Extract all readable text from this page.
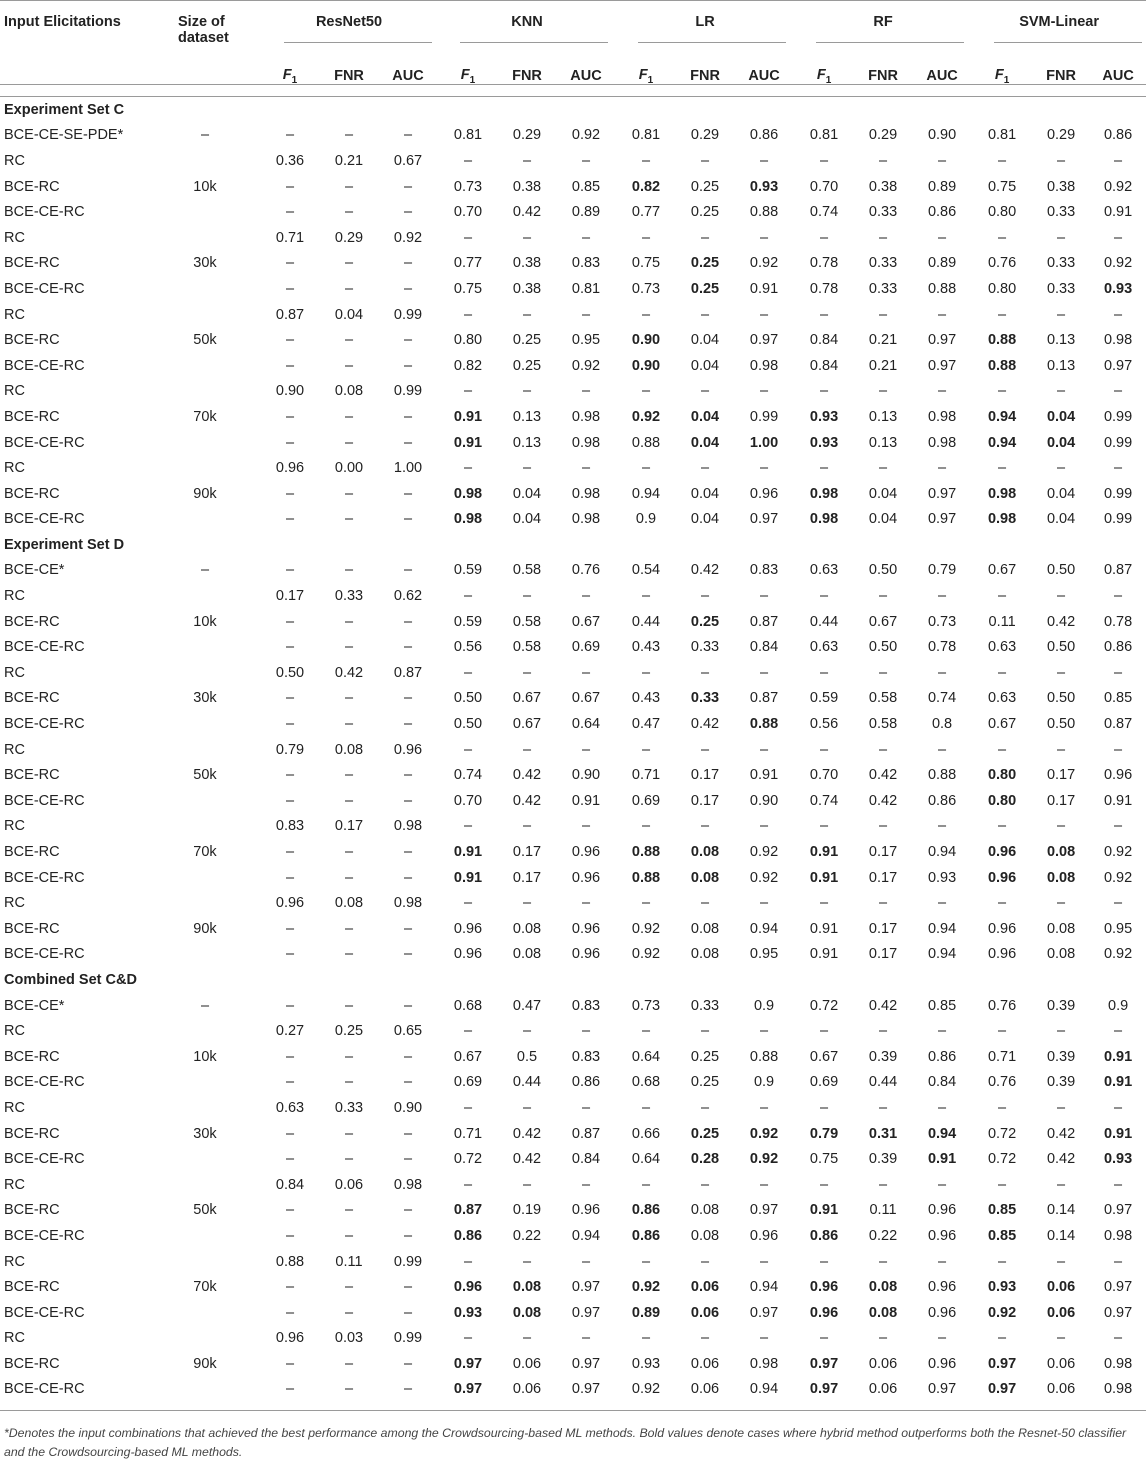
Input Elicitations	Size of dataset	ResNet50			KNN			LR			RF			SVM-Linear		
		$F_1$	FNR	AUC	$F_1$	FNR	AUC	$F_1$	FNR	AUC	$F_1$	FNR	AUC	$F_1$	FNR	AUC
Experiment Set C																
BCE-CE-SE-PDE*	–	–	–	–	0.81	0.29	0.92	0.81	0.29	0.86	0.81	0.29	0.90	0.81	0.29	0.86
RC		0.36	0.21	0.67	–	–	–	–	–	–	–	–	–	–	–	–
BCE-RC	10k	–	–	–	0.73	0.38	0.85	0.82	0.25	0.93	0.70	0.38	0.89	0.75	0.38	0.92
BCE-CE-RC		–	–	–	0.70	0.42	0.89	0.77	0.25	0.88	0.74	0.33	0.86	0.80	0.33	0.91
RC		0.71	0.29	0.92	–	–	–	–	–	–	–	–	–	–	–	–
BCE-RC	30k	–	–	–	0.77	0.38	0.83	0.75	0.25	0.92	0.78	0.33	0.89	0.76	0.33	0.92
BCE-CE-RC		–	–	–	0.75	0.38	0.81	0.73	0.25	0.91	0.78	0.33	0.88	0.80	0.33	0.93
RC		0.87	0.04	0.99	–	–	–	–	–	–	–	–	–	–	–	–
BCE-RC	50k	–	–	–	0.80	0.25	0.95	0.90	0.04	0.97	0.84	0.21	0.97	0.88	0.13	0.98
BCE-CE-RC		–	–	–	0.82	0.25	0.92	0.90	0.04	0.98	0.84	0.21	0.97	0.88	0.13	0.97
RC		0.90	0.08	0.99	–	–	–	–	–	–	–	–	–	–	–	–
BCE-RC	70k	–	–	–	0.91	0.13	0.98	0.92	0.04	0.99	0.93	0.13	0.98	0.94	0.04	0.99
BCE-CE-RC		–	–	–	0.91	0.13	0.98	0.88	0.04	1.00	0.93	0.13	0.98	0.94	0.04	0.99
RC		0.96	0.00	1.00	–	–	–	–	–	–	–	–	–	–	–	–
BCE-RC	90k	–	–	–	0.98	0.04	0.98	0.94	0.04	0.96	0.98	0.04	0.97	0.98	0.04	0.99
BCE-CE-RC		–	–	–	0.98	0.04	0.98	0.9	0.04	0.97	0.98	0.04	0.97	0.98	0.04	0.99
Experiment Set D																
BCE-CE*	–	–	–	–	0.59	0.58	0.76	0.54	0.42	0.83	0.63	0.50	0.79	0.67	0.50	0.87
RC		0.17	0.33	0.62	–	–	–	–	–	–	–	–	–	–	–	–
BCE-RC	10k	–	–	–	0.59	0.58	0.67	0.44	0.25	0.87	0.44	0.67	0.73	0.11	0.42	0.78
BCE-CE-RC		–	–	–	0.56	0.58	0.69	0.43	0.33	0.84	0.63	0.50	0.78	0.63	0.50	0.86
RC		0.50	0.42	0.87	–	–	–	–	–	–	–	–	–	–	–	–
BCE-RC	30k	–	–	–	0.50	0.67	0.67	0.43	0.33	0.87	0.59	0.58	0.74	0.63	0.50	0.85
BCE-CE-RC		–	–	–	0.50	0.67	0.64	0.47	0.42	0.88	0.56	0.58	0.8	0.67	0.50	0.87
RC		0.79	0.08	0.96	–	–	–	–	–	–	–	–	–	–	–	–
BCE-RC	50k	–	–	–	0.74	0.42	0.90	0.71	0.17	0.91	0.70	0.42	0.88	0.80	0.17	0.96
BCE-CE-RC		–	–	–	0.70	0.42	0.91	0.69	0.17	0.90	0.74	0.42	0.86	0.80	0.17	0.91
RC		0.83	0.17	0.98	–	–	–	–	–	–	–	–	–	–	–	–
BCE-RC	70k	–	–	–	0.91	0.17	0.96	0.88	0.08	0.92	0.91	0.17	0.94	0.96	0.08	0.92
BCE-CE-RC		–	–	–	0.91	0.17	0.96	0.88	0.08	0.92	0.91	0.17	0.93	0.96	0.08	0.92
RC		0.96	0.08	0.98	–	–	–	–	–	–	–	–	–	–	–	–
BCE-RC	90k	–	–	–	0.96	0.08	0.96	0.92	0.08	0.94	0.91	0.17	0.94	0.96	0.08	0.95
BCE-CE-RC		–	–	–	0.96	0.08	0.96	0.92	0.08	0.95	0.91	0.17	0.94	0.96	0.08	0.92
Combined Set C&D																
BCE-CE*	–	–	–	–	0.68	0.47	0.83	0.73	0.33	0.9	0.72	0.42	0.85	0.76	0.39	0.9
RC		0.27	0.25	0.65	–	–	–	–	–	–	–	–	–	–	–	–
BCE-RC	10k	–	–	–	0.67	0.5	0.83	0.64	0.25	0.88	0.67	0.39	0.86	0.71	0.39	0.91
BCE-CE-RC		–	–	–	0.69	0.44	0.86	0.68	0.25	0.9	0.69	0.44	0.84	0.76	0.39	0.91
RC		0.63	0.33	0.90	–	–	–	–	–	–	–	–	–	–	–	–
BCE-RC	30k	–	–	–	0.71	0.42	0.87	0.66	0.25	0.92	0.79	0.31	0.94	0.72	0.42	0.91
BCE-CE-RC		–	–	–	0.72	0.42	0.84	0.64	0.28	0.92	0.75	0.39	0.91	0.72	0.42	0.93
RC		0.84	0.06	0.98	–	–	–	–	–	–	–	–	–	–	–	–
BCE-RC	50k	–	–	–	0.87	0.19	0.96	0.86	0.08	0.97	0.91	0.11	0.96	0.85	0.14	0.97
BCE-CE-RC		–	–	–	0.86	0.22	0.94	0.86	0.08	0.96	0.86	0.22	0.96	0.85	0.14	0.98
RC		0.88	0.11	0.99	–	–	–	–	–	–	–	–	–	–	–	–
BCE-RC	70k	–	–	–	0.96	0.08	0.97	0.92	0.06	0.94	0.96	0.08	0.96	0.93	0.06	0.97
BCE-CE-RC		–	–	–	0.93	0.08	0.97	0.89	0.06	0.97	0.96	0.08	0.96	0.92	0.06	0.97
RC		0.96	0.03	0.99	–	–	–	–	–	–	–	–	–	–	–	–
BCE-RC	90k	–	–	–	0.97	0.06	0.97	0.93	0.06	0.98	0.97	0.06	0.96	0.97	0.06	0.98
BCE-CE-RC		–	–	–	0.97	0.06	0.97	0.92	0.06	0.94	0.97	0.06	0.97	0.97	0.06	0.98
*Denotes the input combinations that achieved the best performance among the Crowdsourcing-based ML methods. Bold values denote cases where hybrid method outperforms both the Resnet-50 classifier and the Crowdsourcing-based ML methods.
